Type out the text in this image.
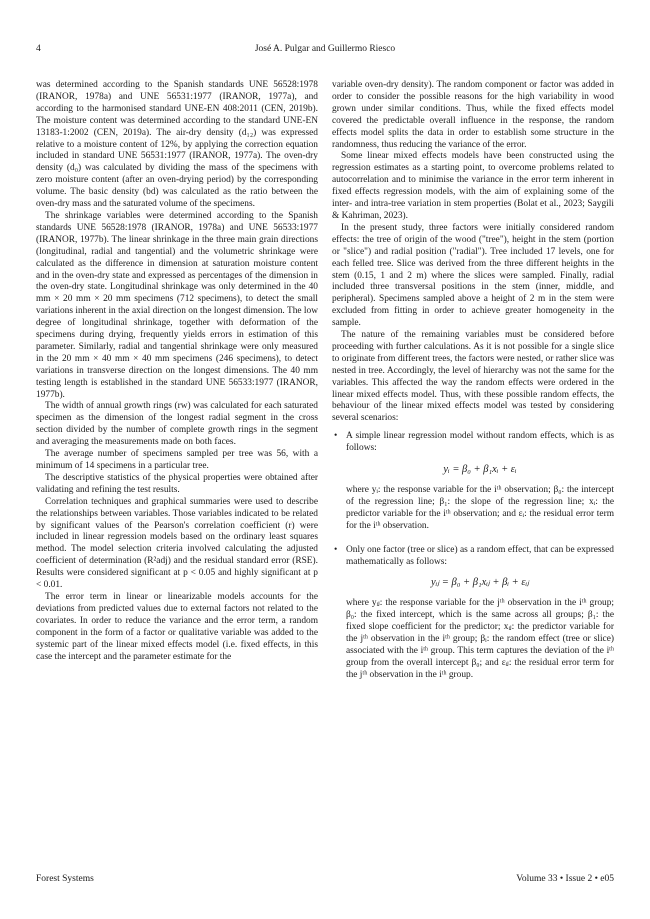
4	José A. Pulgar and Guillermo Riesco

was determined according to the Spanish standards UNE 56528:1978 (IRANOR, 1978a) and UNE 56531:1977 (IRANOR, 1977a), and according to the harmonised standard UNE-EN 408:2011 (CEN, 2019b). The moisture content was determined according to the standard UNE-EN 13183-1:2002 (CEN, 2019a). The air-dry density (d₁₂) was expressed relative to a moisture content of 12%, by applying the correction equation included in standard UNE 56531:1977 (IRANOR, 1977a). The oven-dry density (d₀) was calculated by dividing the mass of the specimens with zero moisture content (after an oven-drying period) by the corresponding volume. The basic density (bd) was calculated as the ratio between the oven-dry mass and the saturated volume of the specimens.

The shrinkage variables were determined according to the Spanish standards UNE 56528:1978 (IRANOR, 1978a) and UNE 56533:1977 (IRANOR, 1977b). The linear shrinkage in the three main grain directions (longitudinal, radial and tangential) and the volumetric shrinkage were calculated as the difference in dimension at saturation moisture content and in the oven-dry state and expressed as percentages of the dimension in the oven-dry state. Longitudinal shrinkage was only determined in the 40 mm × 20 mm × 20 mm specimens (712 specimens), to detect the small variations inherent in the axial direction on the longest dimension. The low degree of longitudinal shrinkage, together with deformation of the specimens during drying, frequently yields errors in estimation of this parameter. Similarly, radial and tangential shrinkage were only measured in the 20 mm × 40 mm × 40 mm specimens (246 specimens), to detect variations in transverse direction on the longest dimensions. The 40 mm testing length is established in the standard UNE 56533:1977 (IRANOR, 1977b).

The width of annual growth rings (rw) was calculated for each saturated specimen as the dimension of the longest radial segment in the cross section divided by the number of complete growth rings in the segment and averaging the measurements made on both faces.

The average number of specimens sampled per tree was 56, with a minimum of 14 specimens in a particular tree.

The descriptive statistics of the physical properties were obtained after validating and refining the test results.

Correlation techniques and graphical summaries were used to describe the relationships between variables. Those variables indicated to be related by significant values of the Pearson's correlation coefficient (r) were included in linear regression models based on the ordinary least squares method. The model selection criteria involved calculating the adjusted coefficient of determination (R²adj) and the residual standard error (RSE). Results were considered significant at p < 0.05 and highly significant at p < 0.01.

The error term in linear or linearizable models accounts for the deviations from predicted values due to external factors not related to the covariates. In order to reduce the variance and the error term, a random component in the form of a factor or qualitative variable was added to the systemic part of the linear mixed effects model (i.e. fixed effects, in this case the intercept and the parameter estimate for the

variable oven-dry density). The random component or factor was added in order to consider the possible reasons for the high variability in wood grown under similar conditions. Thus, while the fixed effects model covered the predictable overall influence in the response, the random effects model splits the data in order to establish some structure in the randomness, thus reducing the variance of the error.

Some linear mixed effects models have been constructed using the regression estimates as a starting point, to overcome problems related to autocorrelation and to minimise the variance in the error term inherent in fixed effects regression models, with the aim of explaining some of the inter- and intra-tree variation in stem properties (Bolat et al., 2023; Saygili & Kahriman, 2023).

In the present study, three factors were initially considered random effects: the tree of origin of the wood ("tree"), height in the stem (portion or "slice") and radial position ("radial"). Tree included 17 levels, one for each felled tree. Slice was derived from the three different heights in the stem (0.15, 1 and 2 m) where the slices were sampled. Finally, radial included three transversal positions in the stem (inner, middle, and peripheral). Specimens sampled above a height of 2 m in the stem were excluded from fitting in order to achieve greater homogeneity in the sample.

The nature of the remaining variables must be considered before proceeding with further calculations. As it is not possible for a single slice to originate from different trees, the factors were nested, or rather slice was nested in tree. Accordingly, the level of hierarchy was not the same for the variables. This affected the way the random effects were ordered in the linear mixed effects model. Thus, with these possible random effects, the behaviour of the linear mixed effects model was tested by considering several scenarios:

• A simple linear regression model without random effects, which is as follows:

yᵢ = β₀ + β₁xᵢ + εᵢ

where yᵢ: the response variable for the iᵗʰ observation; β₀: the intercept of the regression line; β₁: the slope of the regression line; xᵢ: the predictor variable for the iᵗʰ observation; and εᵢ: the residual error term for the iᵗʰ observation.

• Only one factor (tree or slice) as a random effect, that can be expressed mathematically as follows:

yᵢⱼ = β₀ + β₁xᵢⱼ + βᵢ + εᵢⱼ

where yᵢⱼ: the response variable for the jᵗʰ observation in the iᵗʰ group; β₀: the fixed intercept, which is the same across all groups; β₁: the fixed slope coefficient for the predictor; xᵢⱼ: the predictor variable for the jᵗʰ observation in the iᵗʰ group; βᵢ: the random effect (tree or slice) associated with the iᵗʰ group. This term captures the deviation of the iᵗʰ group from the overall intercept β₀; and εᵢⱼ: the residual error term for the jᵗʰ observation in the iᵗʰ group.

Forest Systems	Volume 33 • Issue 2 • e05
